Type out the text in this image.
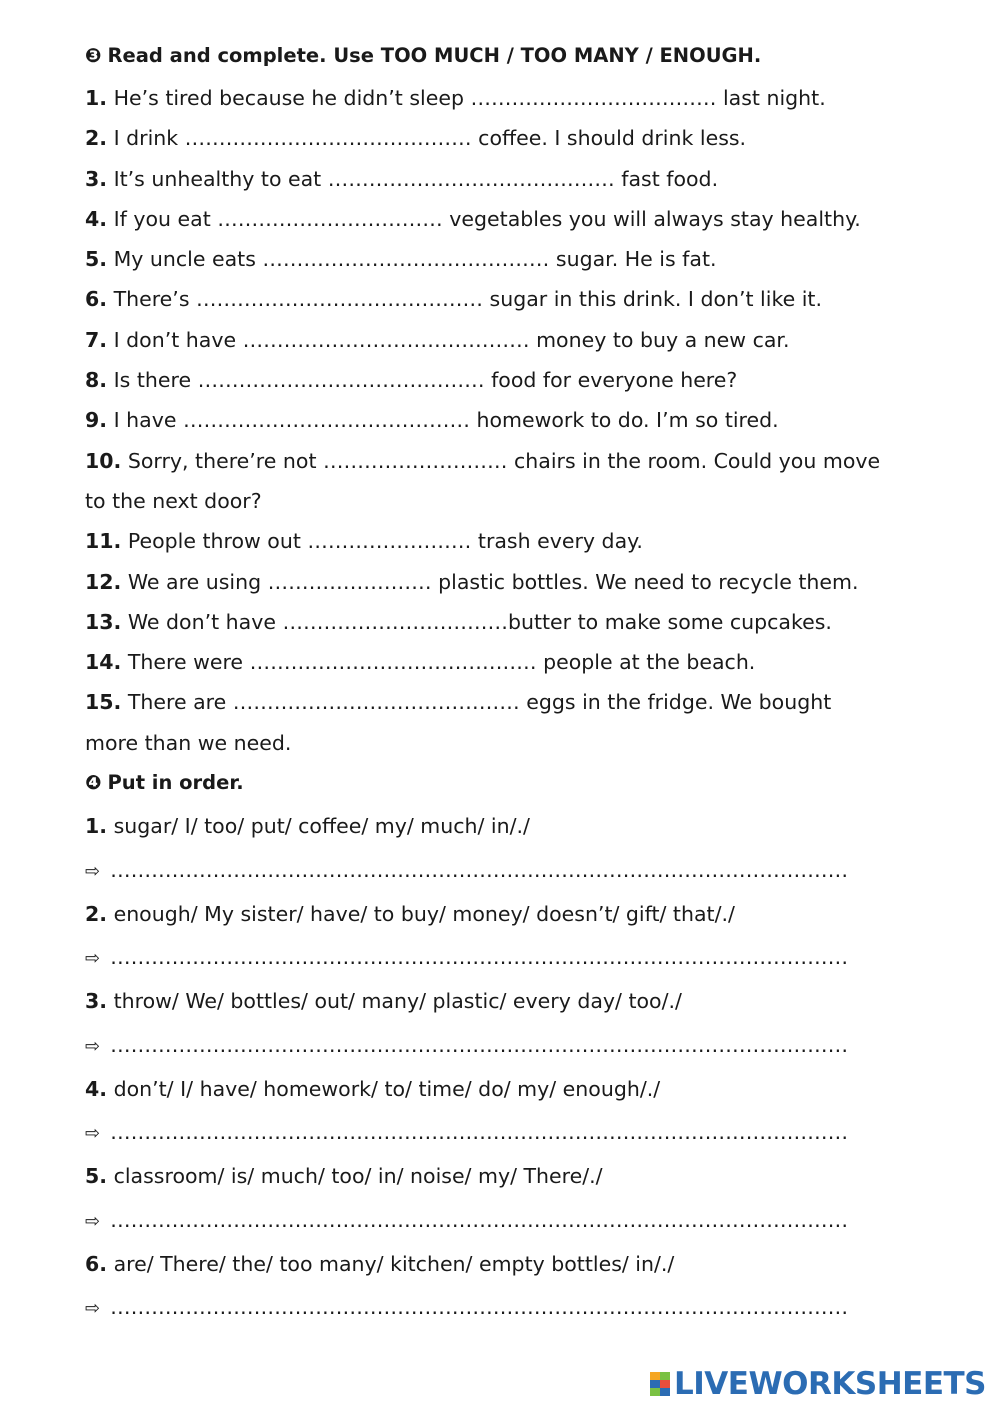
❸ Read and complete. Use TOO MUCH / TOO MANY / ENOUGH.
1. He’s tired because he didn’t sleep ……………………………… last night.
2. I drink …………………………………… coffee. I should drink less.
3. It’s unhealthy to eat …………………………………… fast food.
4. If you eat …………………………… vegetables you will always stay healthy.
5. My uncle eats …………………………………… sugar. He is fat.
6. There’s …………………………………… sugar in this drink. I don’t like it.
7. I don’t have …………………………………… money to buy a new car.
8. Is there …………………………………… food for everyone here?
9. I have …………………………………… homework to do. I’m so tired.
10. Sorry, there’re not ……………………… chairs in the room. Could you move
to the next door?
11. People throw out …………………… trash every day.
12. We are using …………………… plastic bottles. We need to recycle them.
13. We don’t have ……………………………butter to make some cupcakes.
14. There were …………………………………… people at the beach.
15. There are …………………………………… eggs in the fridge. We bought
more than we need.
❹ Put in order.
1. sugar/ I/ too/ put/ coffee/ my/ much/ in/./
⇨ ………………………………………………………………………………………………
2. enough/ My sister/ have/ to buy/ money/ doesn’t/ gift/ that/./
⇨ ………………………………………………………………………………………………
3. throw/ We/ bottles/ out/ many/ plastic/ every day/ too/./
⇨ ………………………………………………………………………………………………
4. don’t/ I/ have/ homework/ to/ time/ do/ my/ enough/./
⇨ ………………………………………………………………………………………………
5. classroom/ is/ much/ too/ in/ noise/ my/ There/./
⇨ ………………………………………………………………………………………………
6. are/ There/ the/ too many/ kitchen/ empty bottles/ in/./
⇨ ………………………………………………………………………………………………
LIVEWORKSHEETS
